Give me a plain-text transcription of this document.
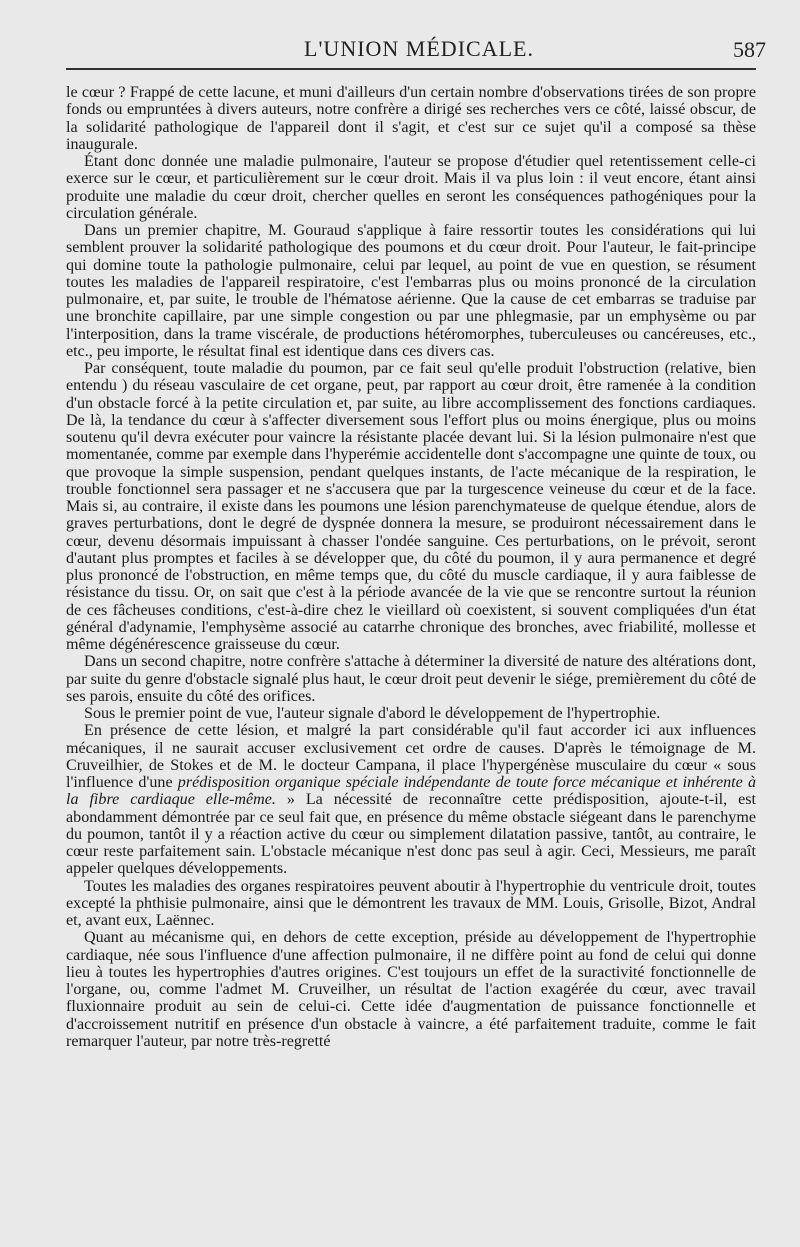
L'UNION MÉDICALE.	587

le cœur ? Frappé de cette lacune, et muni d'ailleurs d'un certain nombre d'observations tirées de son propre fonds ou empruntées à divers auteurs, notre confrère a dirigé ses recherches vers ce côté, laissé obscur, de la solidarité pathologique de l'appareil dont il s'agit, et c'est sur ce sujet qu'il a composé sa thèse inaugurale.

Étant donc donnée une maladie pulmonaire, l'auteur se propose d'étudier quel retentissement celle-ci exerce sur le cœur, et particulièrement sur le cœur droit. Mais il va plus loin : il veut encore, étant ainsi produite une maladie du cœur droit, chercher quelles en seront les conséquences pathogéniques pour la circulation générale.

Dans un premier chapitre, M. Gouraud s'applique à faire ressortir toutes les considérations qui lui semblent prouver la solidarité pathologique des poumons et du cœur droit. Pour l'auteur, le fait-principe qui domine toute la pathologie pulmonaire, celui par lequel, au point de vue en question, se résument toutes les maladies de l'appareil respiratoire, c'est l'embarras plus ou moins prononcé de la circulation pulmonaire, et, par suite, le trouble de l'hématose aérienne. Que la cause de cet embarras se traduise par une bronchite capillaire, par une simple congestion ou par une phlegmasie, par un emphysème ou par l'interposition, dans la trame viscérale, de productions hétéromorphes, tuberculeuses ou cancéreuses, etc., etc., peu importe, le résultat final est identique dans ces divers cas.

Par conséquent, toute maladie du poumon, par ce fait seul qu'elle produit l'obstruction (relative, bien entendu ) du réseau vasculaire de cet organe, peut, par rapport au cœur droit, être ramenée à la condition d'un obstacle forcé à la petite circulation et, par suite, au libre accomplissement des fonctions cardiaques. De là, la tendance du cœur à s'affecter diversement sous l'effort plus ou moins énergique, plus ou moins soutenu qu'il devra exécuter pour vaincre la résistante placée devant lui. Si la lésion pulmonaire n'est que momentanée, comme par exemple dans l'hyperémie accidentelle dont s'accompagne une quinte de toux, ou que provoque la simple suspension, pendant quelques instants, de l'acte mécanique de la respiration, le trouble fonctionnel sera passager et ne s'accusera que par la turgescence veineuse du cœur et de la face. Mais si, au contraire, il existe dans les poumons une lésion parenchymateuse de quelque étendue, alors de graves perturbations, dont le degré de dyspnée donnera la mesure, se produiront nécessairement dans le cœur, devenu désormais impuissant à chasser l'ondée sanguine. Ces perturbations, on le prévoit, seront d'autant plus promptes et faciles à se développer que, du côté du poumon, il y aura permanence et degré plus prononcé de l'obstruction, en même temps que, du côté du muscle cardiaque, il y aura faiblesse de résistance du tissu. Or, on sait que c'est à la période avancée de la vie que se rencontre surtout la réunion de ces fâcheuses conditions, c'est-à-dire chez le vieillard où coexistent, si souvent compliquées d'un état général d'adynamie, l'emphysème associé au catarrhe chronique des bronches, avec friabilité, mollesse et même dégénérescence graisseuse du cœur.

Dans un second chapitre, notre confrère s'attache à déterminer la diversité de nature des altérations dont, par suite du genre d'obstacle signalé plus haut, le cœur droit peut devenir le siége, premièrement du côté de ses parois, ensuite du côté des orifices.

Sous le premier point de vue, l'auteur signale d'abord le développement de l'hypertrophie.

En présence de cette lésion, et malgré la part considérable qu'il faut accorder ici aux influences mécaniques, il ne saurait accuser exclusivement cet ordre de causes. D'après le témoignage de M. Cruveilhier, de Stokes et de M. le docteur Campana, il place l'hypergénèse musculaire du cœur « sous l'influence d'une prédisposition organique spéciale indépendante de toute force mécanique et inhérente à la fibre cardiaque elle-même. » La nécessité de reconnaître cette prédisposition, ajoute-t-il, est abondamment démontrée par ce seul fait que, en présence du même obstacle siégeant dans le parenchyme du poumon, tantôt il y a réaction active du cœur ou simplement dilatation passive, tantôt, au contraire, le cœur reste parfaitement sain. L'obstacle mécanique n'est donc pas seul à agir. Ceci, Messieurs, me paraît appeler quelques développements.

Toutes les maladies des organes respiratoires peuvent aboutir à l'hypertrophie du ventricule droit, toutes excepté la phthisie pulmonaire, ainsi que le démontrent les travaux de MM. Louis, Grisolle, Bizot, Andral et, avant eux, Laënnec.

Quant au mécanisme qui, en dehors de cette exception, préside au développement de l'hypertrophie cardiaque, née sous l'influence d'une affection pulmonaire, il ne diffère point au fond de celui qui donne lieu à toutes les hypertrophies d'autres origines. C'est toujours un effet de la suractivité fonctionnelle de l'organe, ou, comme l'admet M. Cruveilher, un résultat de l'action exagérée du cœur, avec travail fluxionnaire produit au sein de celui-ci. Cette idée d'augmentation de puissance fonctionnelle et d'accroissement nutritif en présence d'un obstacle à vaincre, a été parfaitement traduite, comme le fait remarquer l'auteur, par notre très-regretté
